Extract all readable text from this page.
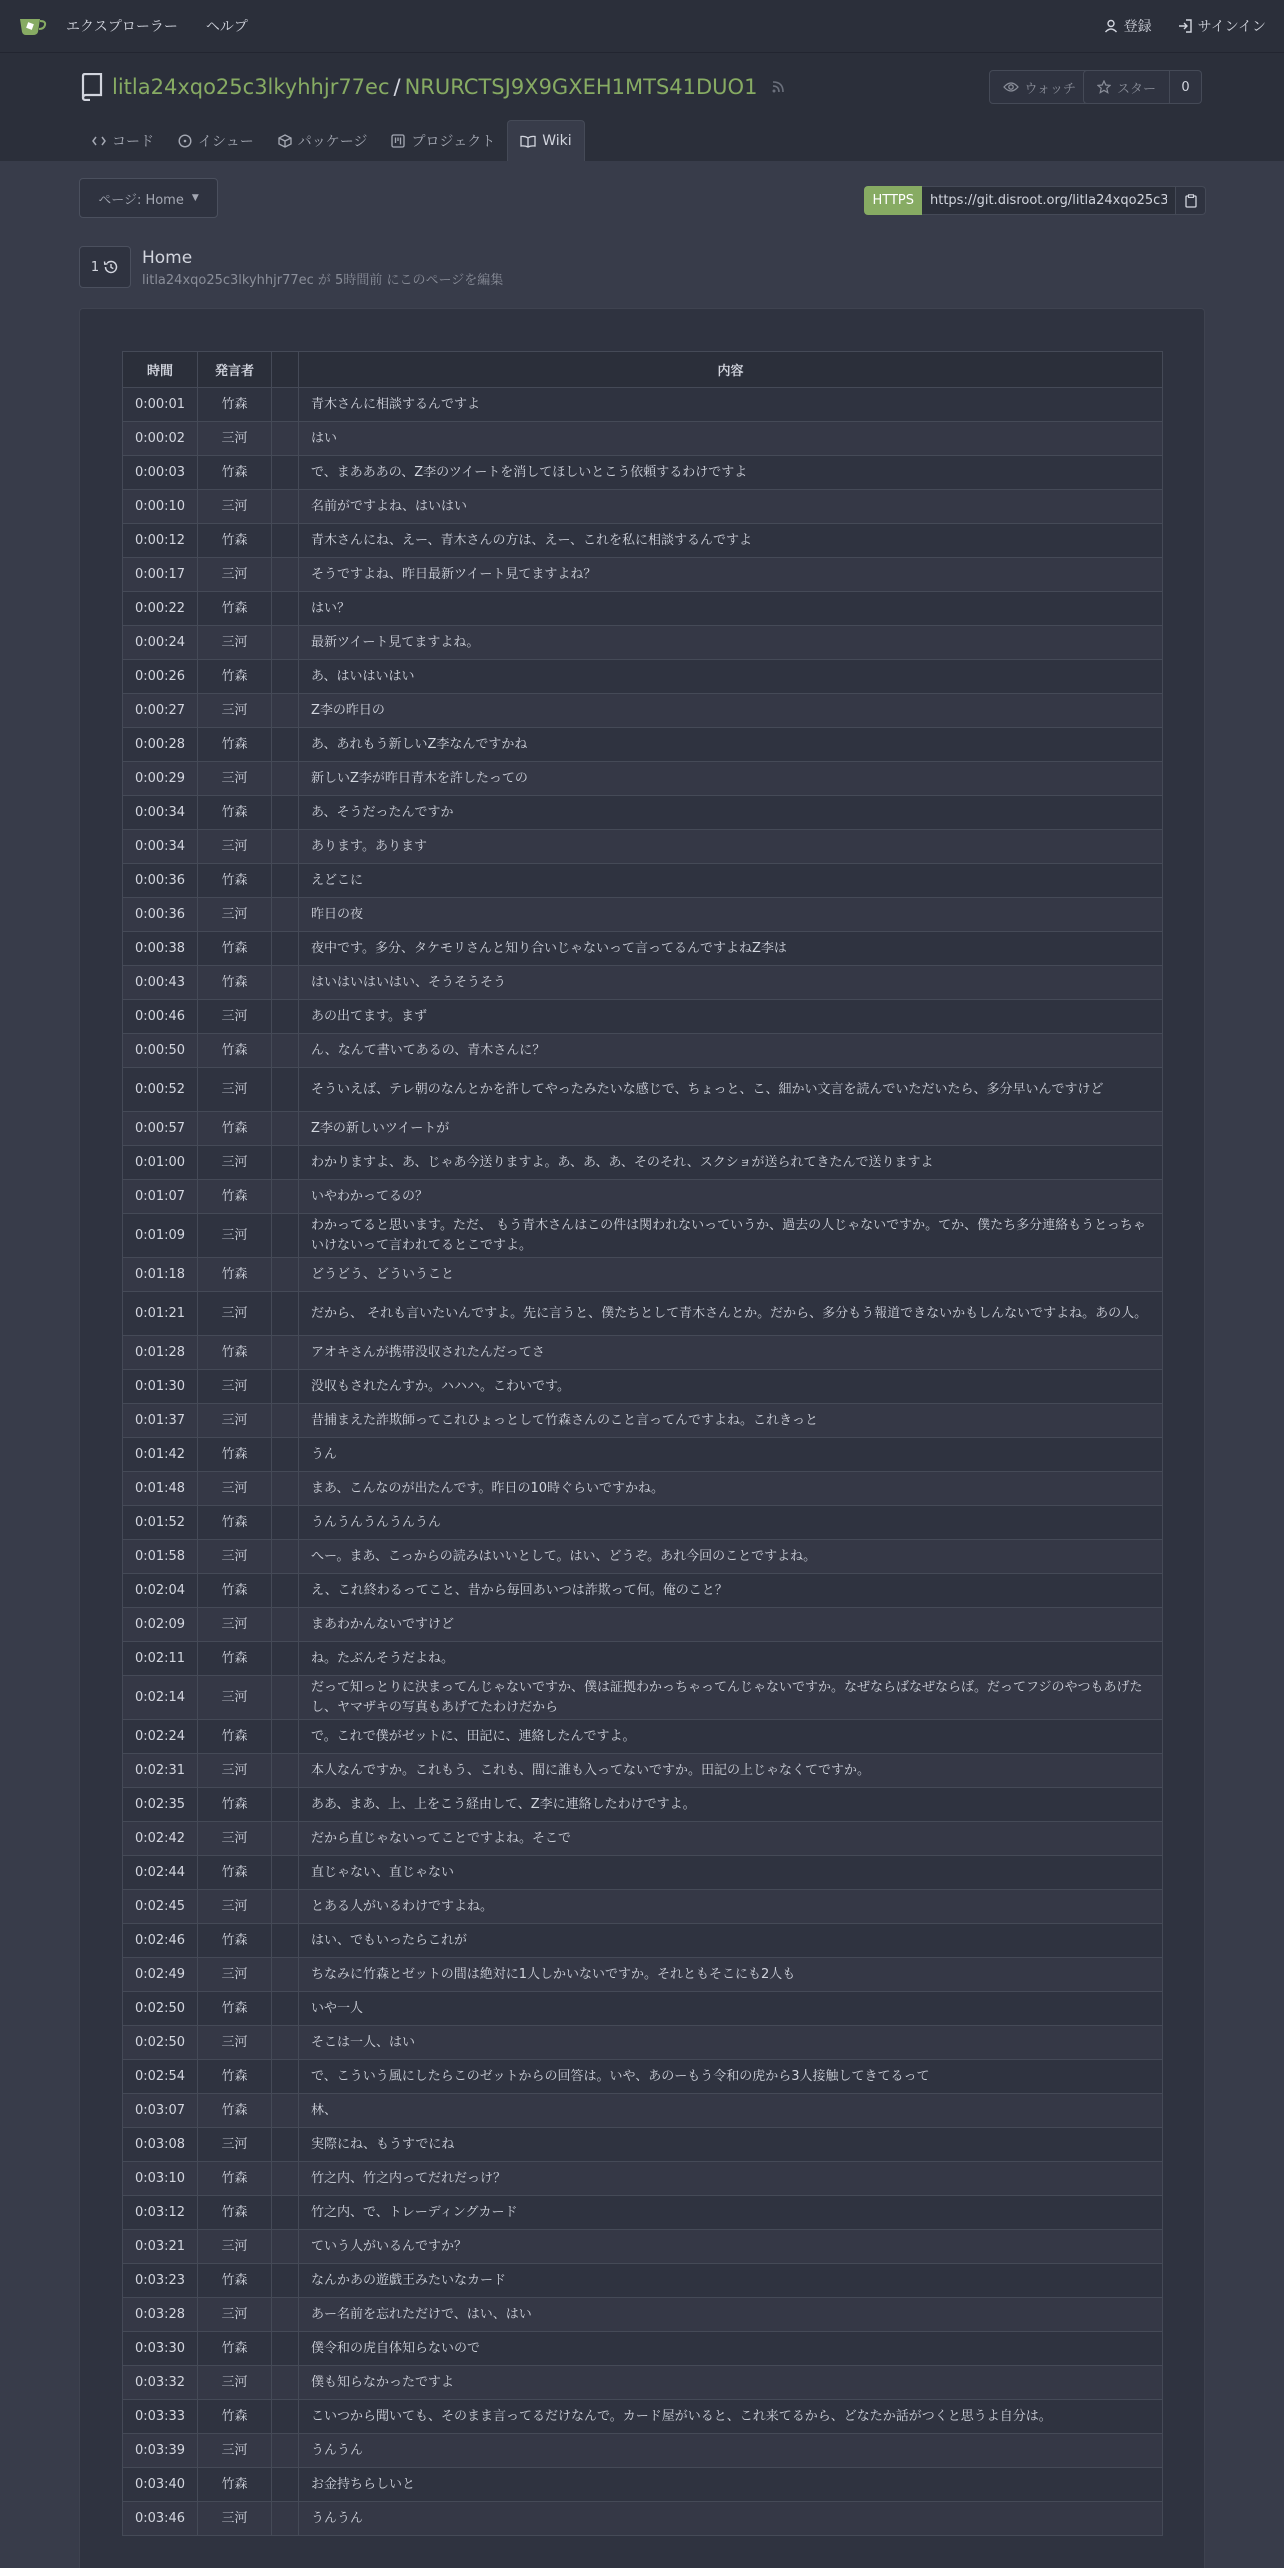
エクスプローラー ヘルプ	登録	サインイン
litla24xqo25c3lkyhhjr77ec / NRURCTSJ9X9GXEH1MTS41DUO1	ウォッチ	スター	0
コード	イシュー	パッケージ	プロジェクト	Wiki
ページ: Home ▼	HTTPS
https://git.disroot.org/litla24xqo25c3lkyhhjr77ec/NRURCTSJ9X9GXEH1MTS41DUO1.wiki
1	Home
litla24xqo25c3lkyhhjr77ec が 5時間前 にこのページを編集
時間	発言者		内容
0:00:01	竹森		青木さんに相談するんですよ
0:00:02	三河		はい
0:00:03	竹森		で、まあああの、Z李のツイートを消してほしいとこう依頼するわけですよ
0:00:10	三河		名前がですよね、はいはい
0:00:12	竹森		青木さんにね、えー、青木さんの方は、えー、これを私に相談するんですよ
0:00:17	三河		そうですよね、昨日最新ツイート見てますよね？
0:00:22	竹森		はい？
0:00:24	三河		最新ツイート見てますよね。
0:00:26	竹森		あ、はいはいはい
0:00:27	三河		Z李の昨日の
0:00:28	竹森		あ、あれもう新しいZ李なんですかね
0:00:29	三河		新しいZ李が昨日青木を許したっての
0:00:34	竹森		あ、そうだったんですか
0:00:34	三河		あります。あります
0:00:36	竹森		えどこに
0:00:36	三河		昨日の夜
0:00:38	竹森		夜中です。多分、タケモリさんと知り合いじゃないって言ってるんですよねZ李は
0:00:43	竹森		はいはいはいはい、そうそうそう
0:00:46	三河		あの出てます。まず
0:00:50	竹森		ん、なんて書いてあるの、青木さんに？
0:00:52	三河		そういえば、テレ朝のなんとかを許してやったみたいな感じで、ちょっと、こ、細かい文言を読んでいただいたら、多分早いんですけど
0:00:57	竹森		Z李の新しいツイートが
0:01:00	三河		わかりますよ、あ、じゃあ今送りますよ。あ、あ、あ、そのそれ、スクショが送られてきたんで送りますよ
0:01:07	竹森		いやわかってるの？
0:01:09	三河		わかってると思います。ただ、 もう青木さんはこの件は関われないっていうか、過去の人じゃないですか。てか、僕たち多分連絡もうとっちゃいけないって言われてるとこですよ。
0:01:18	竹森		どうどう、どういうこと
0:01:21	三河		だから、 それも言いたいんですよ。先に言うと、僕たちとして青木さんとか。だから、多分もう報道できないかもしんないですよね。あの人。
0:01:28	竹森		アオキさんが携帯没収されたんだってさ
0:01:30	三河		没収もされたんすか。ハハハ。こわいです。
0:01:37	三河		昔捕まえた詐欺師ってこれひょっとして竹森さんのこと言ってんですよね。これきっと
0:01:42	竹森		うん
0:01:48	三河		まあ、こんなのが出たんです。昨日の10時ぐらいですかね。
0:01:52	竹森		うんうんうんうんうん
0:01:58	三河		へー。まあ、こっからの読みはいいとして。はい、どうぞ。あれ今回のことですよね。
0:02:04	竹森		え、これ終わるってこと、昔から毎回あいつは詐欺って何。俺のこと？
0:02:09	三河		まあわかんないですけど
0:02:11	竹森		ね。たぶんそうだよね。
0:02:14	三河		だって知っとりに決まってんじゃないですか、僕は証拠わかっちゃってんじゃないですか。なぜならばなぜならば。だってフジのやつもあげたし、ヤマザキの写真もあげてたわけだから
0:02:24	竹森		で。これで僕がゼットに、田記に、連絡したんですよ。
0:02:31	三河		本人なんですか。これもう、これも、間に誰も入ってないですか。田記の上じゃなくてですか。
0:02:35	竹森		ああ、まあ、上、上をこう経由して、Z李に連絡したわけですよ。
0:02:42	三河		だから直じゃないってことですよね。そこで
0:02:44	竹森		直じゃない、直じゃない
0:02:45	三河		とある人がいるわけですよね。
0:02:46	竹森		はい、でもいったらこれが
0:02:49	三河		ちなみに竹森とゼットの間は絶対に1人しかいないですか。それともそこにも2人も
0:02:50	竹森		いや一人
0:02:50	三河		そこは一人、はい
0:02:54	竹森		で、こういう風にしたらこのゼットからの回答は。いや、あのーもう令和の虎から3人接触してきてるって
0:03:07	竹森		林、
0:03:08	三河		実際にね、もうすでにね
0:03:10	竹森		竹之内、竹之内ってだれだっけ？
0:03:12	竹森		竹之内、で、トレーディングカード
0:03:21	三河		ていう人がいるんですか？
0:03:23	竹森		なんかあの遊戯王みたいなカード
0:03:28	三河		あー名前を忘れただけで、はい、はい
0:03:30	竹森		僕令和の虎自体知らないので
0:03:32	三河		僕も知らなかったですよ
0:03:33	竹森		こいつから聞いても、そのまま言ってるだけなんで。カード屋がいると、これ来てるから、どなたか話がつくと思うよ自分は。
0:03:39	三河		うんうん
0:03:40	竹森		お金持ちらしいと
0:03:46	三河		うんうん
